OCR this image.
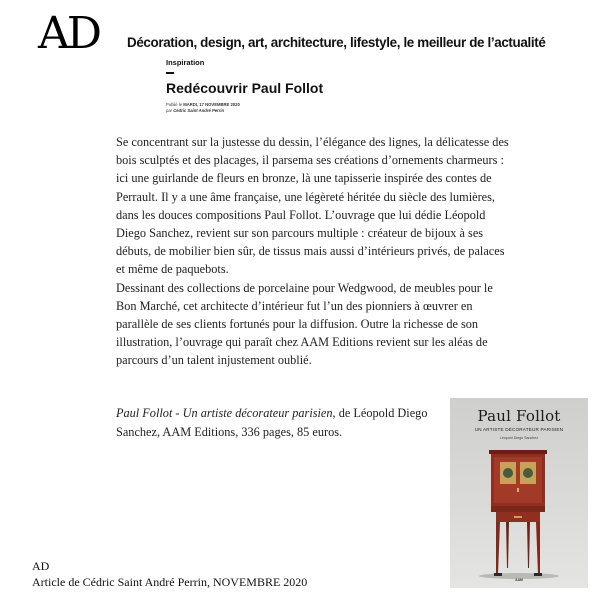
AD Décoration, design, art, architecture, lifestyle, le meilleur de l’actualité
Inspiration
Redécouvrir Paul Follot
Publié le MARDI, 17 NOVEMBRE 2020
par Cédric Saint André Perrin

Se concentrant sur la justesse du dessin, l’élégance des lignes, la délicatesse des bois sculptés et des placages, il parsema ses créations d’ornements charmeurs : ici une guirlande de fleurs en bronze, là une tapisserie inspirée des contes de Perrault. Il y a une âme française, une légèreté héritée du siècle des lumières, dans les douces compositions Paul Follot. L’ouvrage que lui dédie Léopold Diego Sanchez, revient sur son parcours multiple : créateur de bijoux à ses débuts, de mobilier bien sûr, de tissus mais aussi d’intérieurs privés, de palaces et même de paquebots.

Dessinant des collections de porcelaine pour Wedgwood, de meubles pour le Bon Marché, cet architecte d’intérieur fut l’un des pionniers à œuvrer en parallèle de ses clients fortunés pour la diffusion. Outre la richesse de son illustration, l’ouvrage qui paraît chez AAM Editions revient sur les aléas de parcours d’un talent injustement oublié.

Paul Follot - Un artiste décorateur parisien, de Léopold Diego Sanchez, AAM Editions, 336 pages, 85 euros.
Paul Follot
UN ARTISTE DÉCORATEUR PARISIEN
Léopold Diego Sanchez
AAM
AD
Article de Cédric Saint André Perrin, NOVEMBRE 2020
